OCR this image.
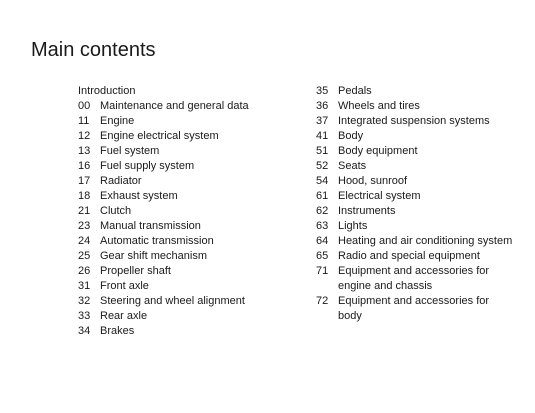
Main contents
Introduction
00 Maintenance and general data
11 Engine
12 Engine electrical system
13 Fuel system
16 Fuel supply system
17 Radiator
18 Exhaust system
21 Clutch
23 Manual transmission
24 Automatic transmission
25 Gear shift mechanism
26 Propeller shaft
31 Front axle
32 Steering and wheel alignment
33 Rear axle
34 Brakes
35 Pedals
36 Wheels and tires
37 Integrated suspension systems
41 Body
51 Body equipment
52 Seats
54 Hood, sunroof
61 Electrical system
62 Instruments
63 Lights
64 Heating and air conditioning system
65 Radio and special equipment
71 Equipment and accessories for engine and chassis
72 Equipment and accessories for body
